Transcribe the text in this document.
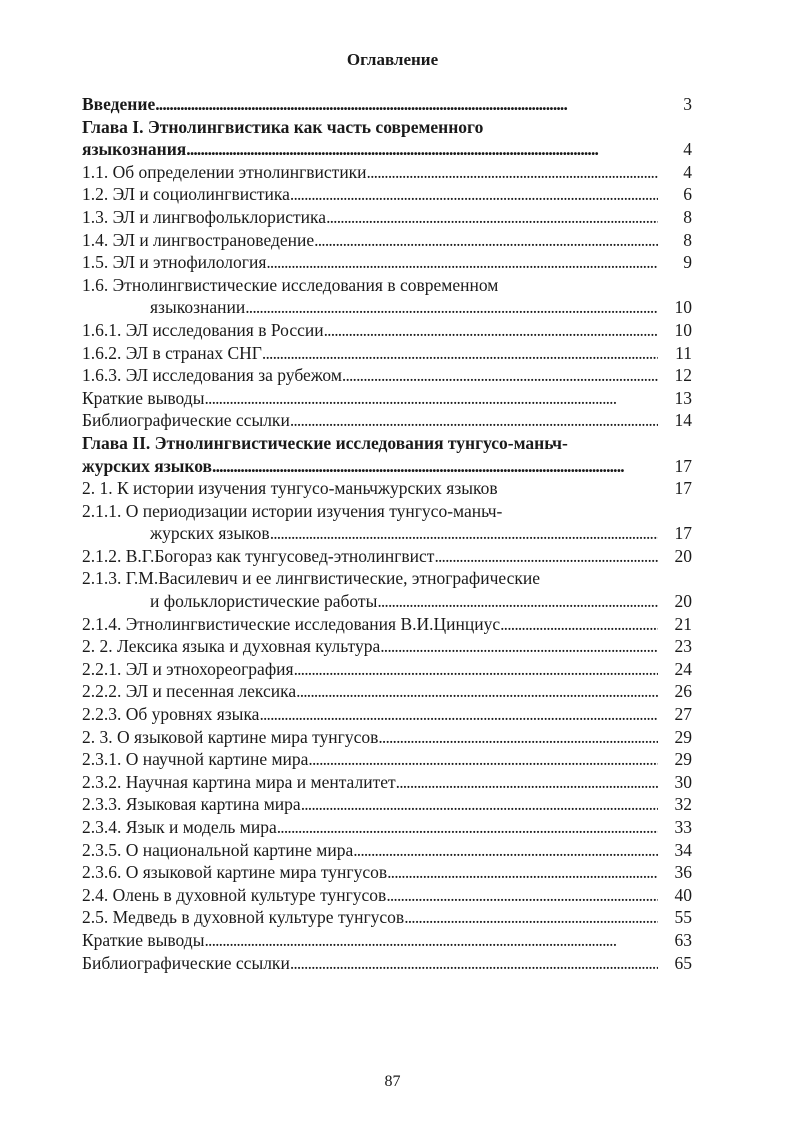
Оглавление
Введение . . .	3
Глава I. Этнолингвистика как часть современного
языкознания . . .	4
1.1. Об определении этнолингвистики . . .	4
1.2. ЭЛ и социолингвистика . . .	6
1.3. ЭЛ и лингвофольклористика . . .	8
1.4. ЭЛ и лингвострановедение . . .	8
1.5. ЭЛ и этнофилология . . .	9
1.6. Этнолингвистические исследования в современном
языкознании . . .	10
1.6.1. ЭЛ исследования в России . . .	10
1.6.2. ЭЛ в странах СНГ . . .	11
1.6.3. ЭЛ исследования за рубежом . . .	12
Краткие выводы . . .	13
Библиографические ссылки . . .	14
Глава II. Этнолингвистические исследования тунгусо-маньч-
журских языков . . .	17
2. 1. К истории изучения тунгусо-маньчжурских языков	17
2.1.1. О периодизации истории изучения тунгусо-маньч-
журских языков . . .	17
2.1.2. В.Г.Богораз как тунгусовед-этнолингвист . . .	20
2.1.3. Г.М.Василевич и ее лингвистические, этнографические
и фольклористические работы . . .	20
2.1.4. Этнолингвистические исследования В.И.Цинциус . . .	21
2. 2. Лексика языка и духовная культура . . .	23
2.2.1. ЭЛ и этнохореография . . .	24
2.2.2. ЭЛ и песенная лексика . . .	26
2.2.3. Об уровнях языка . . .	27
2. 3. О языковой картине мира тунгусов . . .	29
2.3.1. О научной картине мира . . .	29
2.3.2. Научная картина мира и менталитет . . .	30
2.3.3. Языковая картина мира . . .	32
2.3.4. Язык и модель мира . . .	33
2.3.5. О национальной картине мира . . .	34
2.3.6. О языковой картине мира тунгусов . . .	36
2.4. Олень в духовной культуре тунгусов . . .	40
2.5. Медведь в духовной культуре тунгусов . . .	55
Краткие выводы . . .	63
Библиографические ссылки . . .	65
87
